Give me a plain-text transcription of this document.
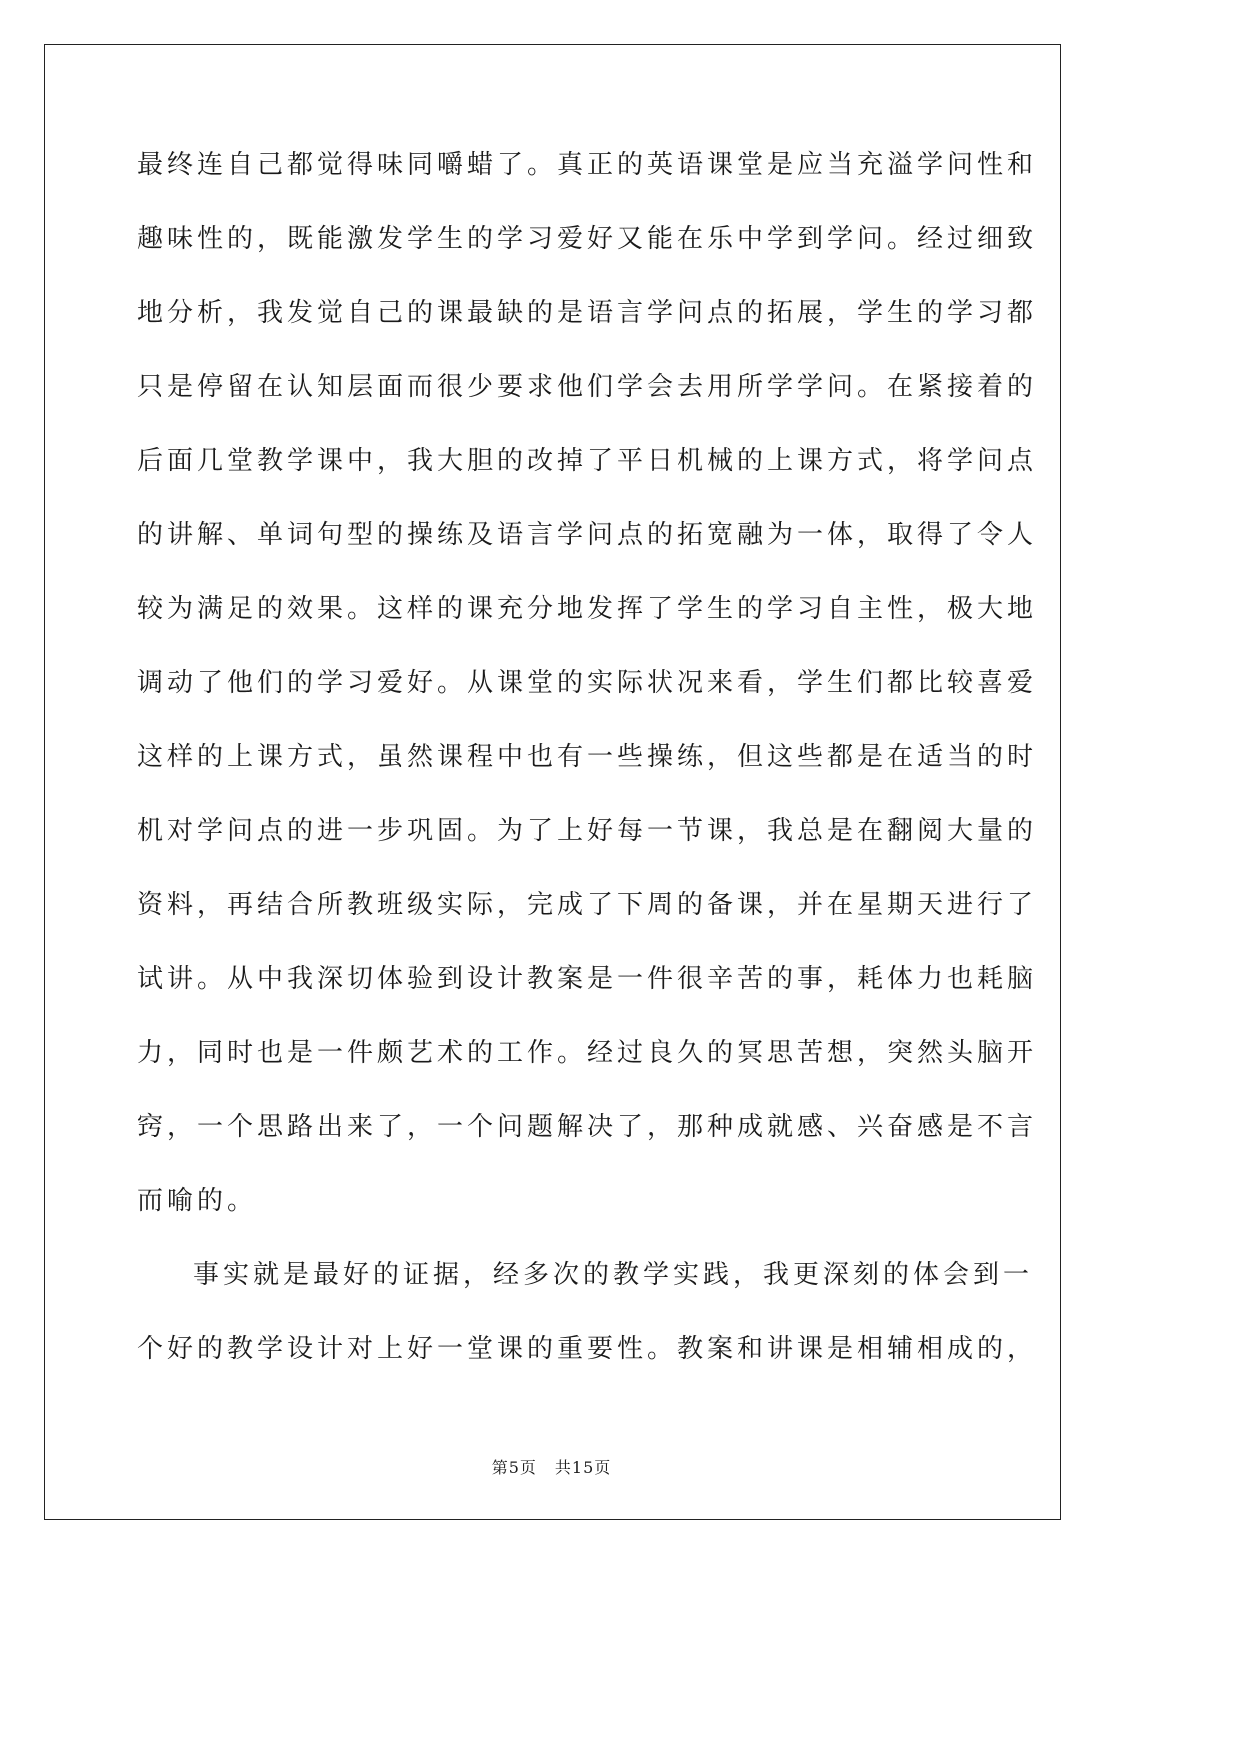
最终连自己都觉得味同嚼蜡了。真正的英语课堂是应当充溢学问性和
趣味性的，既能激发学生的学习爱好又能在乐中学到学问。经过细致
地分析，我发觉自己的课最缺的是语言学问点的拓展，学生的学习都
只是停留在认知层面而很少要求他们学会去用所学学问。在紧接着的
后面几堂教学课中，我大胆的改掉了平日机械的上课方式，将学问点
的讲解、单词句型的操练及语言学问点的拓宽融为一体，取得了令人
较为满足的效果。这样的课充分地发挥了学生的学习自主性，极大地
调动了他们的学习爱好。从课堂的实际状况来看，学生们都比较喜爱
这样的上课方式，虽然课程中也有一些操练，但这些都是在适当的时
机对学问点的进一步巩固。为了上好每一节课，我总是在翻阅大量的
资料，再结合所教班级实际，完成了下周的备课，并在星期天进行了
试讲。从中我深切体验到设计教案是一件很辛苦的事，耗体力也耗脑
力，同时也是一件颇艺术的工作。经过良久的冥思苦想，突然头脑开
窍，一个思路出来了，一个问题解决了，那种成就感、兴奋感是不言
而喻的。
事实就是最好的证据，经多次的教学实践，我更深刻的体会到一
个好的教学设计对上好一堂课的重要性。教案和讲课是相辅相成的，
第5页 共15页
